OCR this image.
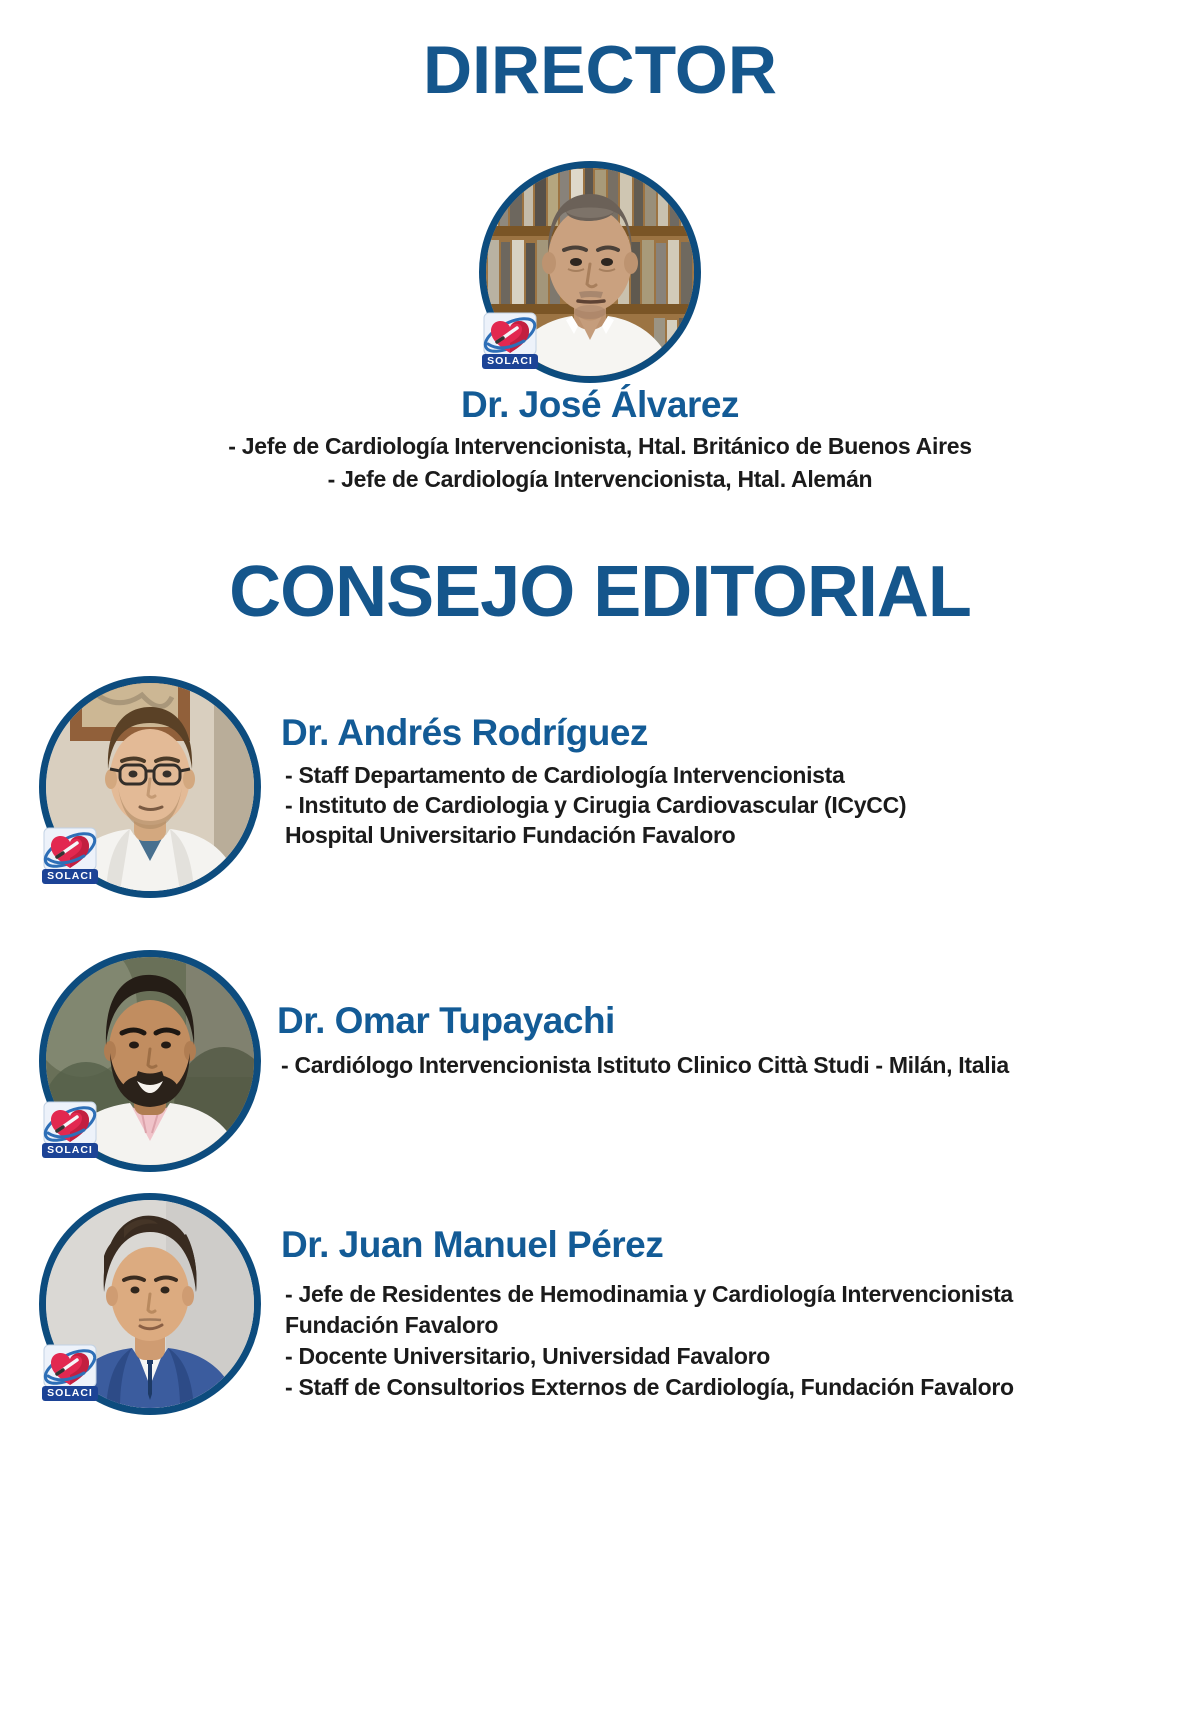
DIRECTOR
SOLACI
Dr. José Álvarez
- Jefe de Cardiología Intervencionista, Htal. Británico de Buenos Aires
- Jefe de Cardiología Intervencionista, Htal. Alemán
CONSEJO EDITORIAL
SOLACI
Dr. Andrés Rodríguez
- Staff Departamento de Cardiología Intervencionista
- Instituto de Cardiologia y Cirugia Cardiovascular (ICyCC)
Hospital Universitario Fundación Favaloro
SOLACI
Dr. Omar Tupayachi
- Cardiólogo Intervencionista Istituto Clinico Città Studi - Milán, Italia
SOLACI
Dr. Juan Manuel Pérez
- Jefe de Residentes de Hemodinamia y Cardiología Intervencionista
Fundación Favaloro
- Docente Universitario, Universidad Favaloro
- Staff de Consultorios Externos de Cardiología, Fundación Favaloro
